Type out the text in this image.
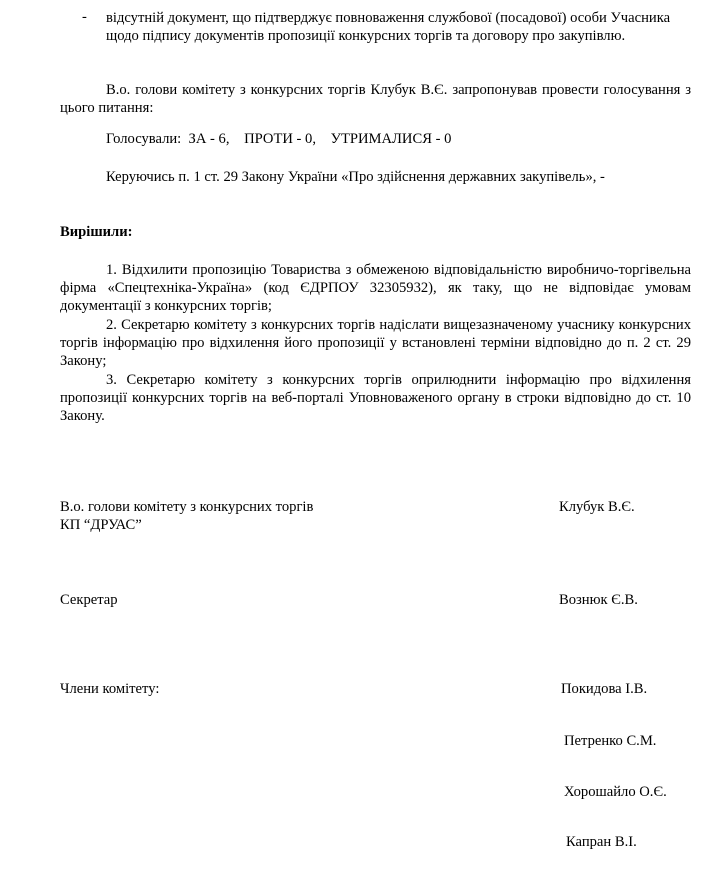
- відсутній документ, що підтверджує повноваження службової (посадової) особи Учасника щодо підпису документів пропозиції конкурсних торгів та договору про закупівлю.
В.о. голови комітету з конкурсних торгів Клубук В.Є. запропонував провести голосування з цього питання:
Голосували: ЗА - 6, ПРОТИ - 0, УТРИМАЛИСЯ - 0
Керуючись п. 1 ст. 29 Закону України «Про здійснення державних закупівель», -
Вирішили:
1. Відхилити пропозицію Товариства з обмеженою відповідальністю виробничо-торгівельна фірма «Спецтехніка-Україна» (код ЄДРПОУ 32305932), як таку, що не відповідає умовам документації з конкурсних торгів;
2. Секретарю комітету з конкурсних торгів надіслати вищезазначеному учаснику конкурсних торгів інформацію про відхилення його пропозиції у встановлені терміни відповідно до п. 2 ст. 29 Закону;
3. Секретарю комітету з конкурсних торгів оприлюднити інформацію про відхилення пропозиції конкурсних торгів на веб-порталі Уповноваженого органу в строки відповідно до ст. 10 Закону.
В.о. голови комітету з конкурсних торгів
КП “ДРУАС”
Клубук В.Є.
Секретар	Вознюк Є.В.
Члени комітету:	Покидова І.В.
Петренко С.М.
Хорошайло О.Є.
Капран В.І.
